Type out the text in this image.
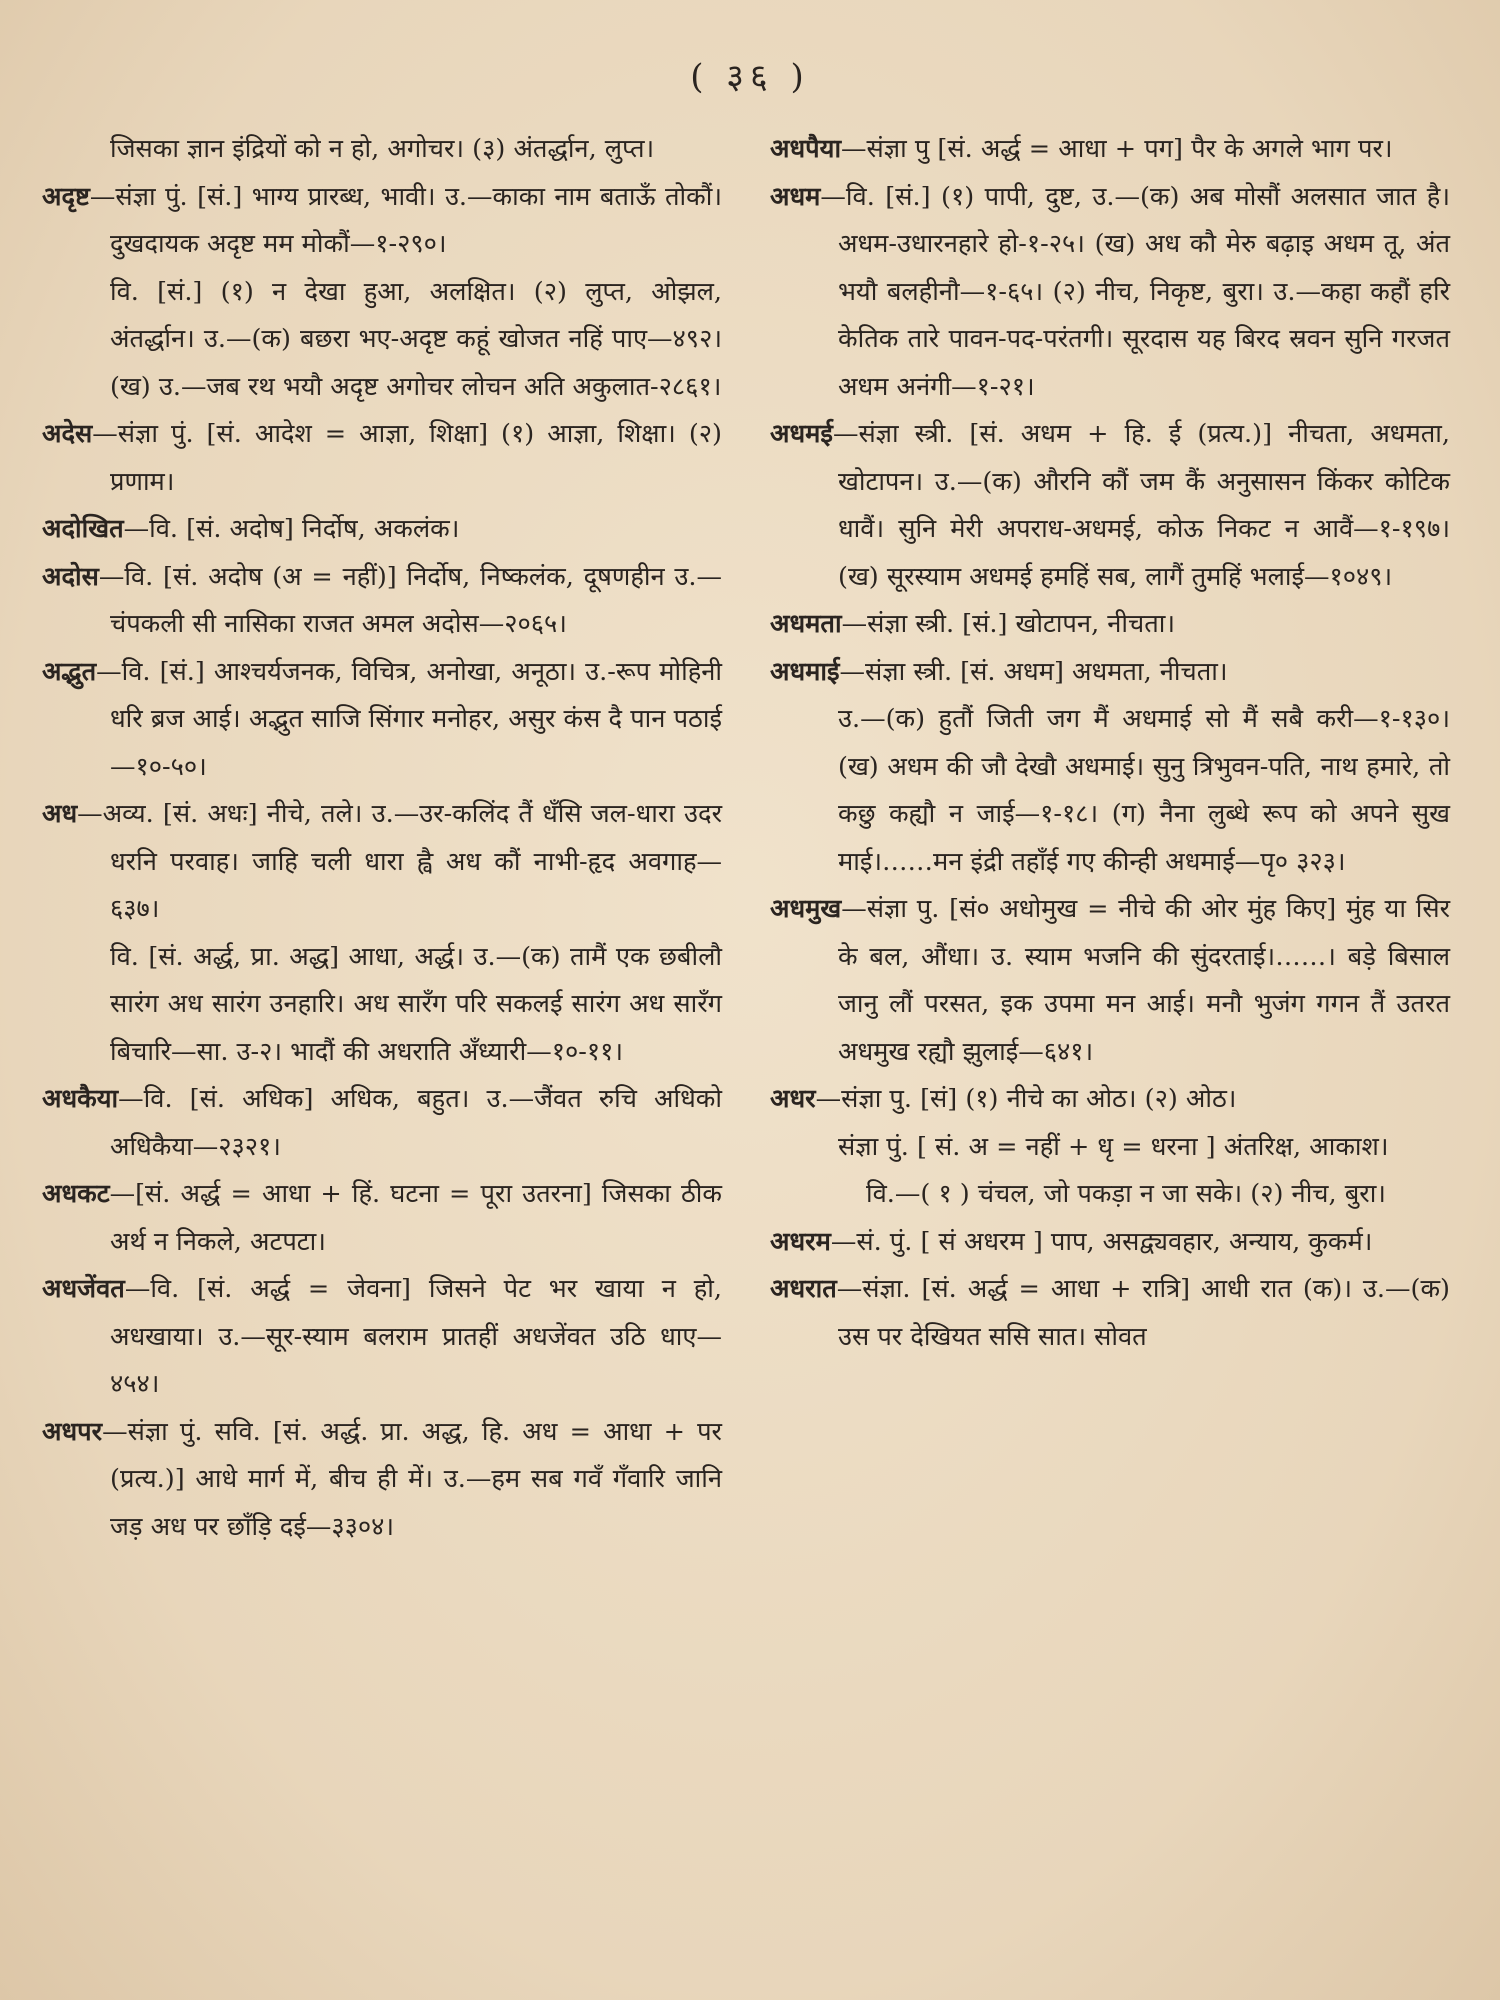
( ३६ )

जिसका ज्ञान इंद्रियों को न हो, अगोचर। (३) अंतर्द्धान, लुप्त।

अदृष्ट—संज्ञा पुं. [सं.] भाग्य प्रारब्ध, भावी। उ.—काका नाम बताऊँ तोकौं। दुखदायक अदृष्ट मम मोकौं—१-२९०।

वि. [सं.] (१) न देखा हुआ, अलक्षित। (२) लुप्त, ओझल, अंतर्द्धान। उ.—(क) बछरा भए-अदृष्ट कहूं खोजत नहिं पाए—४९२। (ख) उ.—जब रथ भयौ अदृष्ट अगोचर लोचन अति अकुलात-२८६१।

अदेस—संज्ञा पुं. [सं. आदेश = आज्ञा, शिक्षा] (१) आज्ञा, शिक्षा। (२) प्रणाम।

अदोखित—वि. [सं. अदोष] निर्दोष, अकलंक।

अदोस—वि. [सं. अदोष (अ = नहीं)] निर्दोष, निष्कलंक, दूषणहीन उ.—चंपकली सी नासिका राजत अमल अदोस—२०६५।

अद्भुत—वि. [सं.] आश्चर्यजनक, विचित्र, अनोखा, अनूठा। उ.-रूप मोहिनी धरि ब्रज आई। अद्भुत साजि सिंगार मनोहर, असुर कंस दै पान पठाई—१०-५०।

अध—अव्य. [सं. अधः] नीचे, तले। उ.—उर-कलिंद तैं धँसि जल-धारा उदर धरनि परवाह। जाहि चली धारा ह्वै अध कौं नाभी-हृद अवगाह—६३७।

वि. [सं. अर्द्ध, प्रा. अद्ध] आधा, अर्द्ध। उ.—(क) तामैं एक छबीलौ सारंग अध सारंग उनहारि। अध सारँग परि सकलई सारंग अध सारँग बिचारि—सा. उ-२। भादौं की अधराति अँध्यारी—१०-११।

अधकैया—वि. [सं. अधिक] अधिक, बहुत। उ.—जैंवत रुचि अधिको अधिकैया—२३२१।

अधकट—[सं. अर्द्ध = आधा + हिं. घटना = पूरा उतरना] जिसका ठीक अर्थ न निकले, अटपटा।

अधजेंवत—वि. [सं. अर्द्ध = जेवना] जिसने पेट भर खाया न हो, अधखाया। उ.—सूर-स्याम बलराम प्रातहीं अधजेंवत उठि धाए—४५४।

अधपर—संज्ञा पुं. सवि. [सं. अर्द्ध. प्रा. अद्ध, हि. अध = आधा + पर (प्रत्य.)] आधे मार्ग में, बीच ही में। उ.—हम सब गवँ गँवारि जानि जड़ अध पर छाँड़ि दई—३३०४।

अधपैया—संज्ञा पु [सं. अर्द्ध = आधा + पग] पैर के अगले भाग पर।

अधम—वि. [सं.] (१) पापी, दुष्ट, उ.—(क) अब मोसौं अलसात जात है। अधम-उधारनहारे हो-१-२५। (ख) अध कौ मेरु बढ़ाइ अधम तू, अंत भयौ बलहीनौ—१-६५। (२) नीच, निकृष्ट, बुरा। उ.—कहा कहौं हरि केतिक तारे पावन-पद-परंतगी। सूरदास यह बिरद स्रवन सुनि गरजत अधम अनंगी—१-२१।

अधमई—संज्ञा स्त्री. [सं. अधम + हि. ई (प्रत्य.)] नीचता, अधमता, खोटापन। उ.—(क) औरनि कौं जम कैं अनुसासन किंकर कोटिक धावैं। सुनि मेरी अपराध-अधमई, कोऊ निकट न आवैं—१-१९७। (ख) सूरस्याम अधमई हमहिं सब, लागैं तुमहिं भलाई—१०४९।

अधमता—संज्ञा स्त्री. [सं.] खोटापन, नीचता।

अधमाई—संज्ञा स्त्री. [सं. अधम] अधमता, नीचता।

उ.—(क) हुतौं जिती जग मैं अधमाई सो मैं सबै करी—१-१३०। (ख) अधम की जौ देखौ अधमाई। सुनु त्रिभुवन-पति, नाथ हमारे, तो कछु कह्यौ न जाई—१-१८। (ग) नैना लुब्धे रूप को अपने सुख माई।……मन इंद्री तहाँई गए कीन्ही अधमाई—पृ० ३२३।

अधमुख—संज्ञा पु. [सं० अधोमुख = नीचे की ओर मुंह किए] मुंह या सिर के बल, औंधा। उ. स्याम भजनि की सुंदरताई।……। बड़े बिसाल जानु लौं परसत, इक उपमा मन आई। मनौ भुजंग गगन तैं उतरत अधमुख रह्यौ झुलाई—६४१।

अधर—संज्ञा पु. [सं] (१) नीचे का ओठ। (२) ओठ।

संज्ञा पुं. [ सं. अ = नहीं + धृ = धरना ] अंतरिक्ष, आकाश।

वि.—( १ ) चंचल, जो पकड़ा न जा सके। (२) नीच, बुरा।

अधरम—सं. पुं. [ सं अधरम ] पाप, असद्व्यवहार, अन्याय, कुकर्म।

अधरात—संज्ञा. [सं. अर्द्ध = आधा + रात्रि] आधी रात (क)। उ.—(क) उस पर देखियत ससि सात। सोवत
